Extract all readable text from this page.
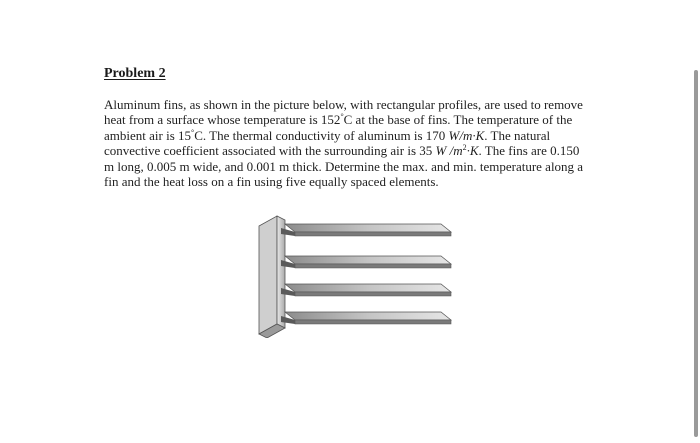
Problem 2

Aluminum fins, as shown in the picture below, with rectangular profiles, are used to remove heat from a surface whose temperature is 152°C at the base of fins. The temperature of the ambient air is 15°C. The thermal conductivity of aluminum is 170 W/m·K. The natural convective coefficient associated with the surrounding air is 35 W $/m^2\cdot K$. The fins are 0.150 m long, 0.005 m wide, and 0.001 m thick. Determine the max. and min. temperature along a fin and the heat loss on a fin using five equally spaced elements.
